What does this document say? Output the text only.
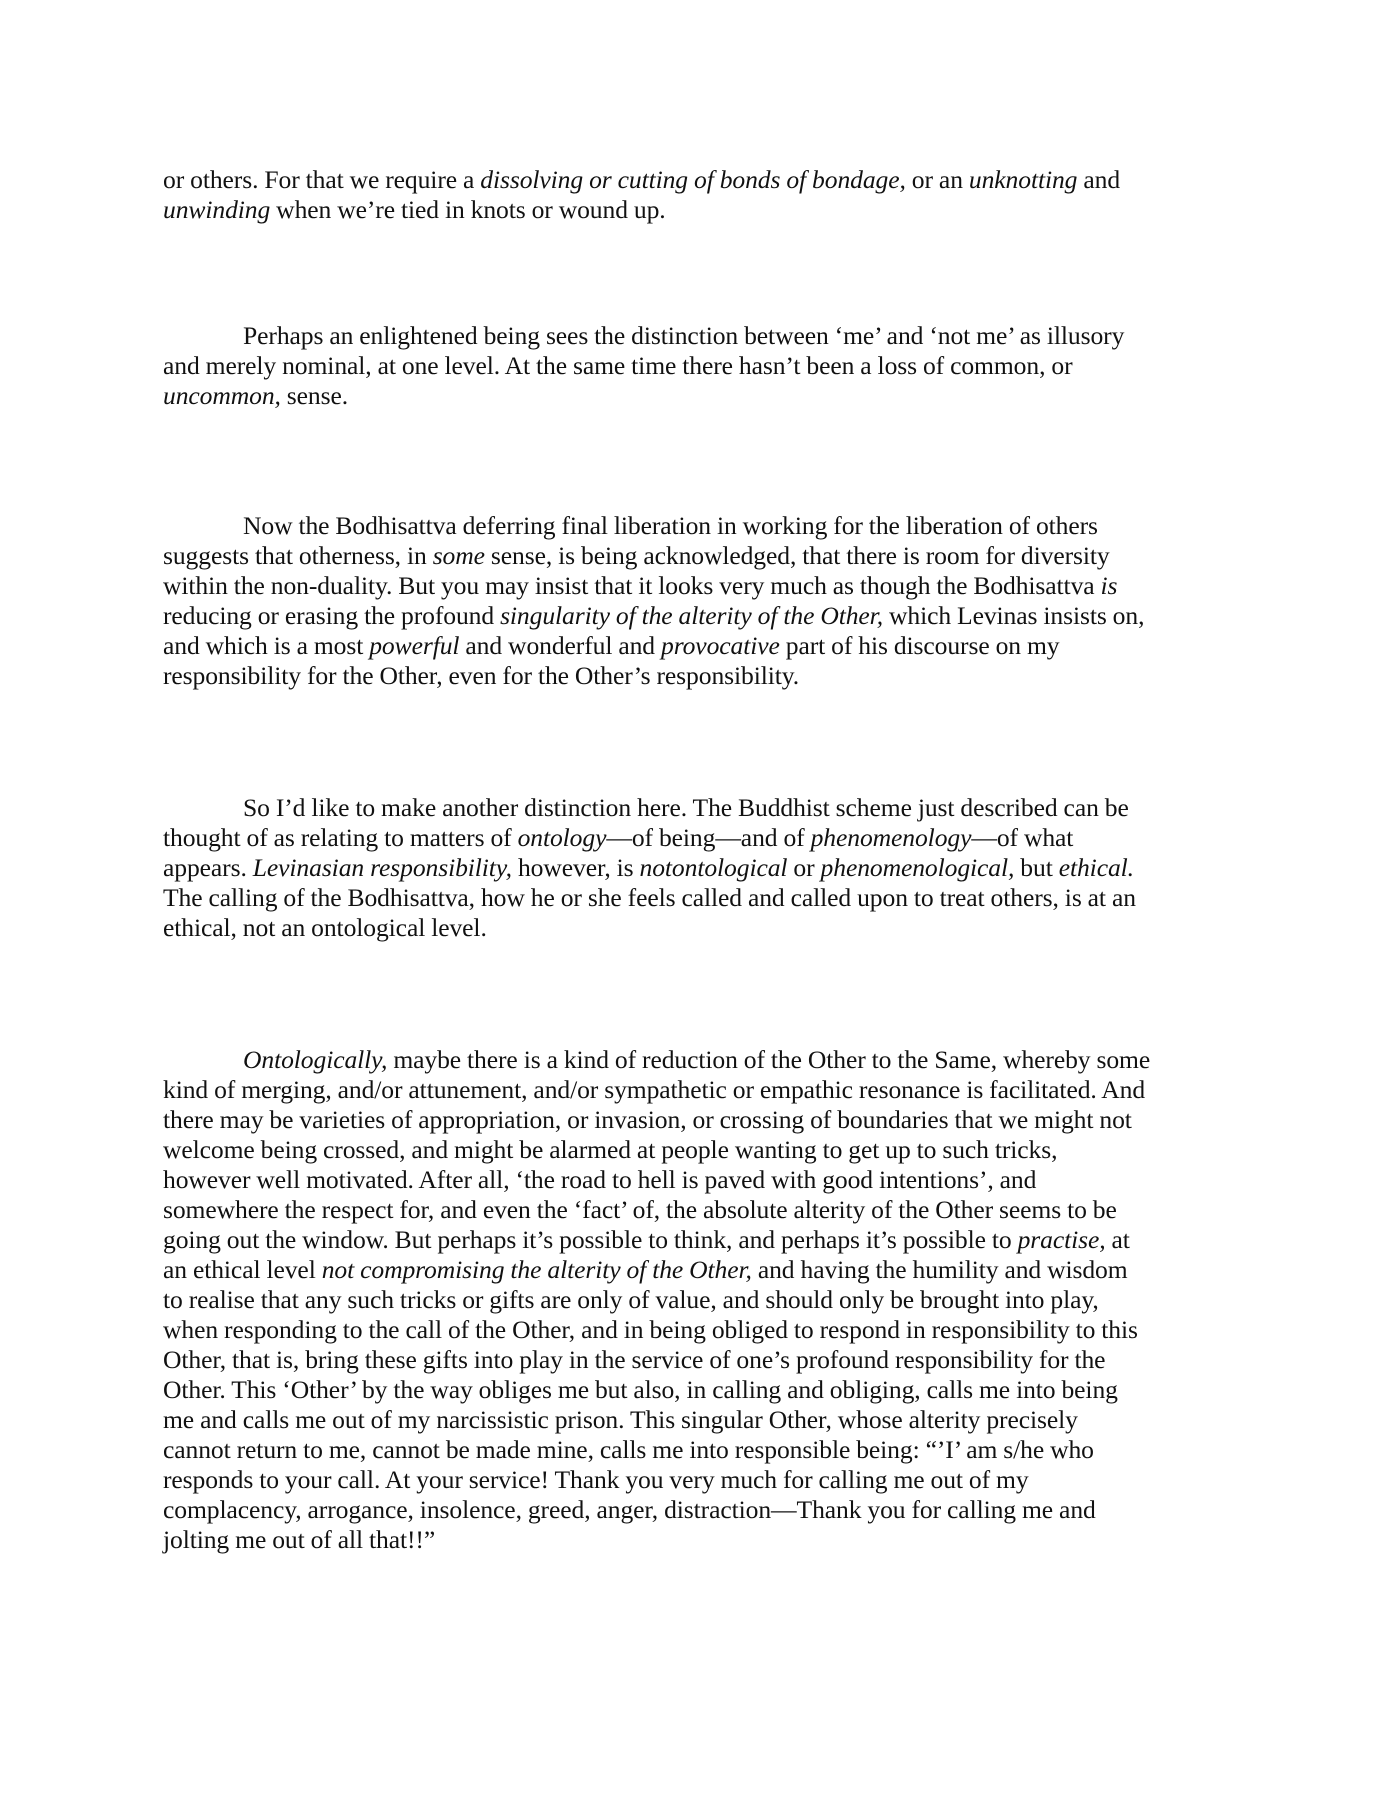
or others. For that we require a dissolving or cutting of bonds of bondage, or an unknotting and
unwinding when we’re tied in knots or wound up.

Perhaps an enlightened being sees the distinction between ‘me’ and ‘not me’ as illusory
and merely nominal, at one level. At the same time there hasn’t been a loss of common, or
uncommon, sense.

Now the Bodhisattva deferring final liberation in working for the liberation of others
suggests that otherness, in some sense, is being acknowledged, that there is room for diversity
within the non-duality. But you may insist that it looks very much as though the Bodhisattva is
reducing or erasing the profound singularity of the alterity of the Other, which Levinas insists on,
and which is a most powerful and wonderful and provocative part of his discourse on my
responsibility for the Other, even for the Other’s responsibility.

So I’d like to make another distinction here. The Buddhist scheme just described can be
thought of as relating to matters of ontology—of being—and of phenomenology—of what
appears. Levinasian responsibility, however, is notontological or phenomenological, but ethical.
The calling of the Bodhisattva, how he or she feels called and called upon to treat others, is at an
ethical, not an ontological level.

Ontologically, maybe there is a kind of reduction of the Other to the Same, whereby some
kind of merging, and/or attunement, and/or sympathetic or empathic resonance is facilitated. And
there may be varieties of appropriation, or invasion, or crossing of boundaries that we might not
welcome being crossed, and might be alarmed at people wanting to get up to such tricks,
however well motivated. After all, ‘the road to hell is paved with good intentions’, and
somewhere the respect for, and even the ‘fact’ of, the absolute alterity of the Other seems to be
going out the window. But perhaps it’s possible to think, and perhaps it’s possible to practise, at
an ethical level not compromising the alterity of the Other, and having the humility and wisdom
to realise that any such tricks or gifts are only of value, and should only be brought into play,
when responding to the call of the Other, and in being obliged to respond in responsibility to this
Other, that is, bring these gifts into play in the service of one’s profound responsibility for the
Other. This ‘Other’ by the way obliges me but also, in calling and obliging, calls me into being
me and calls me out of my narcissistic prison. This singular Other, whose alterity precisely
cannot return to me, cannot be made mine, calls me into responsible being: “’I’ am s/he who
responds to your call. At your service! Thank you very much for calling me out of my
complacency, arrogance, insolence, greed, anger, distraction—Thank you for calling me and
jolting me out of all that!!”
